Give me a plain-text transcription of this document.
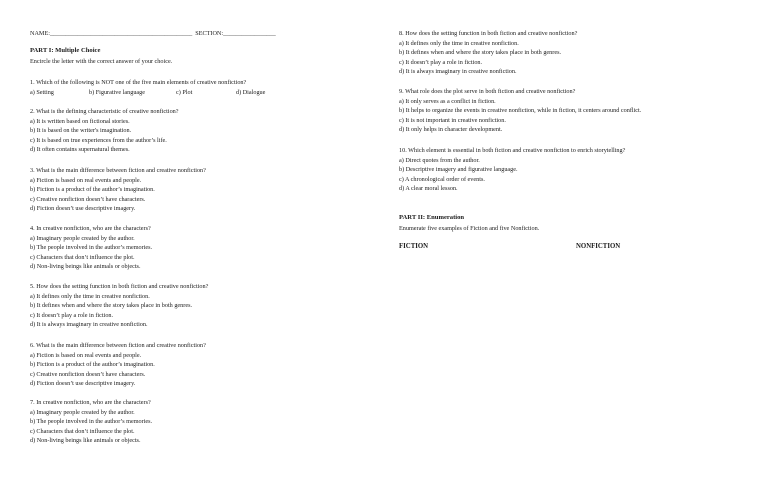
NAME:______________________________________________ SECTION:_________________

PART I: Multiple Choice

Encircle the letter with the correct answer of your choice.

1. Which of the following is NOT one of the five main elements of creative nonfiction?

a) Setting	b) Figurative language	c) Plot	d) Dialogue

2. What is the defining characteristic of creative nonfiction?

a) It is written based on fictional stories.

b) It is based on the writer's imagination.

c) It is based on true experiences from the author’s life.

d) It often contains supernatural themes.

3. What is the main difference between fiction and creative nonfiction?

a) Fiction is based on real events and people.

b) Fiction is a product of the author’s imagination.

c) Creative nonfiction doesn’t have characters.

d) Fiction doesn’t use descriptive imagery.

4. In creative nonfiction, who are the characters?

a) Imaginary people created by the author.

b) The people involved in the author’s memories.

c) Characters that don’t influence the plot.

d) Non-living beings like animals or objects.

5. How does the setting function in both fiction and creative nonfiction?

a) It defines only the time in creative nonfiction.

b) It defines when and where the story takes place in both genres.

c) It doesn’t play a role in fiction.

d) It is always imaginary in creative nonfiction.

6. What is the main difference between fiction and creative nonfiction?

a) Fiction is based on real events and people.

b) Fiction is a product of the author’s imagination.

c) Creative nonfiction doesn’t have characters.

d) Fiction doesn’t use descriptive imagery.

7. In creative nonfiction, who are the characters?

a) Imaginary people created by the author.

b) The people involved in the author’s memories.

c) Characters that don’t influence the plot.

d) Non-living beings like animals or objects.

8. How does the setting function in both fiction and creative nonfiction?

a) It defines only the time in creative nonfiction.

b) It defines when and where the story takes place in both genres.

c) It doesn’t play a role in fiction.

d) It is always imaginary in creative nonfiction.

9. What role does the plot serve in both fiction and creative nonfiction?

a) It only serves as a conflict in fiction.

b) It helps to organize the events in creative nonfiction, while in fiction, it centers around conflict.

c) It is not important in creative nonfiction.

d) It only helps in character development.

10. Which element is essential in both fiction and creative nonfiction to enrich storytelling?

a) Direct quotes from the author.

b) Descriptive imagery and figurative language.

c) A chronological order of events.

d) A clear moral lesson.

PART II: Enumeration

Enumerate five examples of Fiction and five Nonfiction.

FICTION	NONFICTION
